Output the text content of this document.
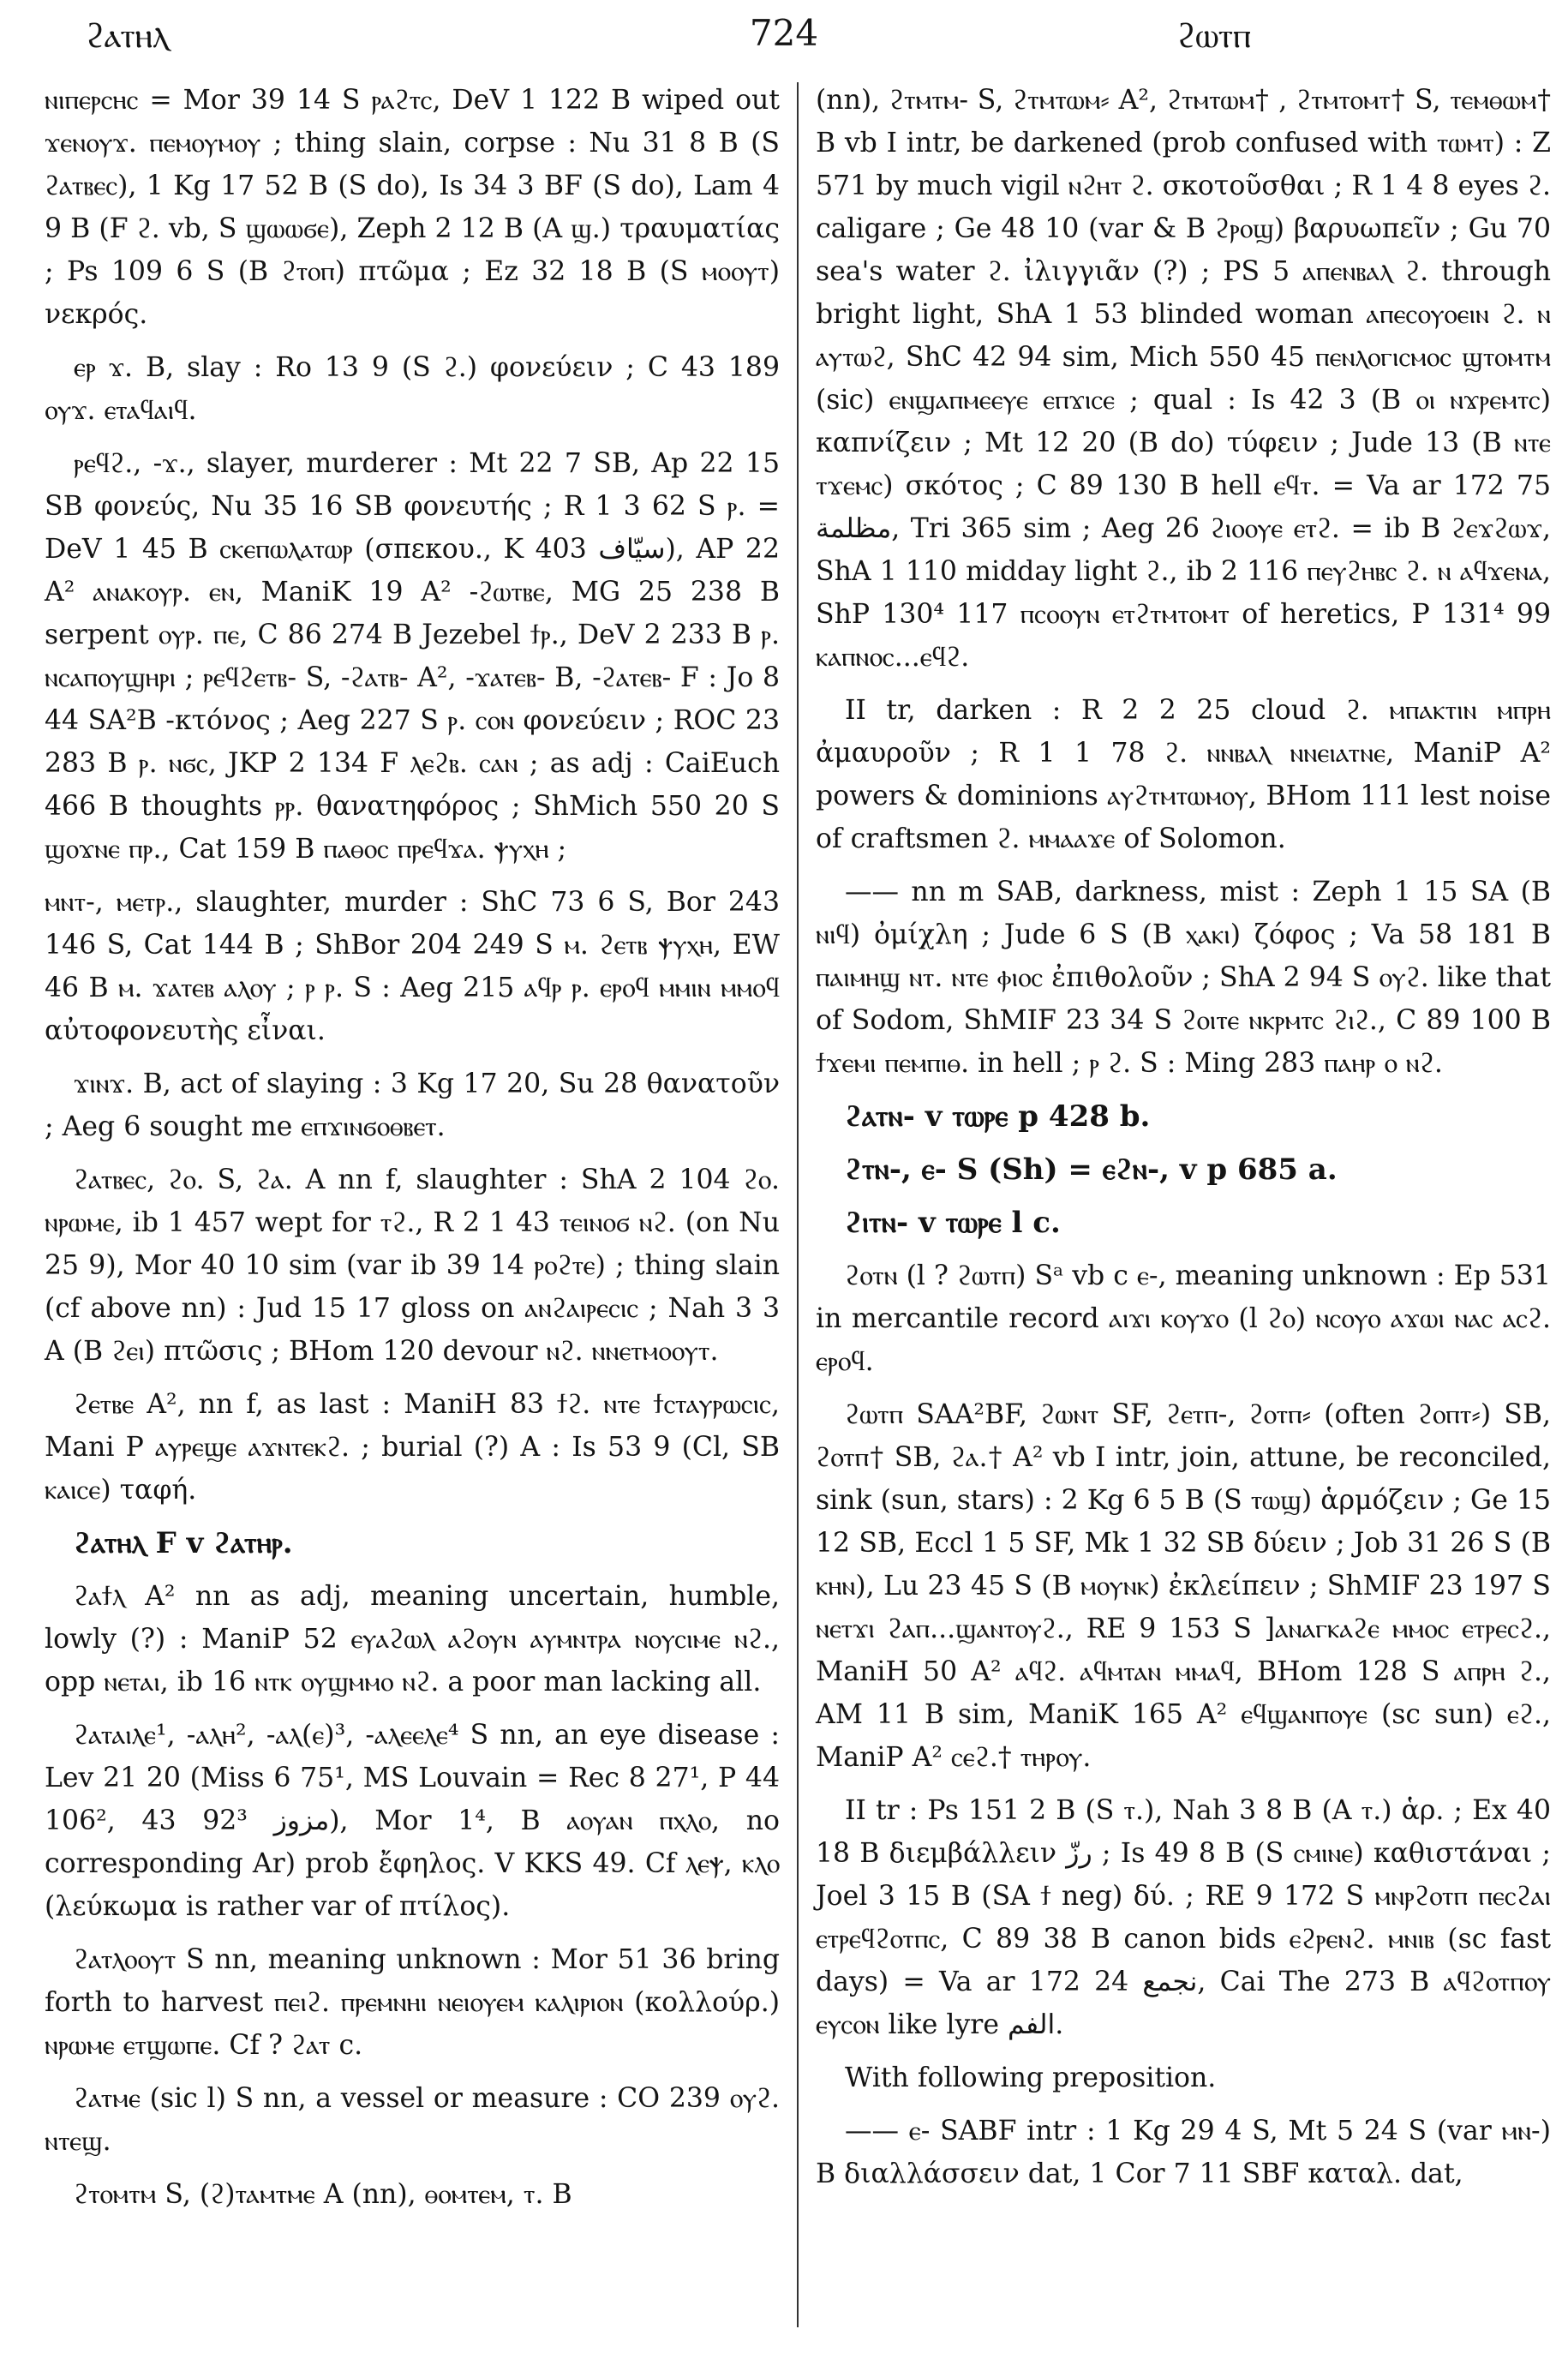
ϩⲁⲧⲏⲗ	724	ϩⲱⲧⲡ

ⲛⲓⲡⲉⲣⲥⲏⲥ = Mor 39 14 S ⲣⲁϩⲧⲥ, DeV 1 122 B wiped out ϫⲉⲛⲟⲩϫ. ⲡⲉⲙⲟⲩⲙⲟⲩ ; thing slain, corpse : Nu 31 8 B (S ϩⲁⲧⲃⲉⲥ), 1 Kg 17 52 B (S do), Is 34 3 BF (S do), Lam 4 9 B (F ϩ. vb, S ϣⲱⲱϭⲉ), Zeph 2 12 B (A ϣ.) τραυματίας ; Ps 109 6 S (B ϩⲧⲟⲡ) πτῶμα ; Ez 32 18 B (S ⲙⲟⲟⲩⲧ) νεκρός.

ⲉⲣ ϫ. B, slay : Ro 13 9 (S ϩ.) φονεύειν ; C 43 189 ⲟⲩϫ. ⲉⲧⲁϥⲁⲓϥ.

ⲣⲉϥϩ., -ϫ., slayer, murderer : Mt 22 7 SB, Ap 22 15 SB φονεύς, Nu 35 16 SB φονευτής ; R 1 3 62 S ⲣ. = DeV 1 45 B ⲥⲕⲉⲡⲱⲗⲁⲧⲱⲣ (σπεκου., K 403 سيّاف), AP 22 A² ⲁⲛⲁⲕⲟⲩⲣ. ⲉⲛ, ManiK 19 A² -ϩⲱⲧⲃⲉ, MG 25 238 B serpent ⲟⲩⲣ. ⲡⲉ, C 86 274 B Jezebel ϯⲣ., DeV 2 233 B ⲣ. ⲛⲥⲁⲡⲟⲩϣⲏⲣⲓ ; ⲣⲉϥϩⲉⲧⲃ- S, -ϩⲁⲧⲃ- A², -ϫⲁⲧⲉⲃ- B, -ϩⲁⲧⲉⲃ- F : Jo 8 44 SA²B -κτόνος ; Aeg 227 S ⲣ. ⲥⲟⲛ φονεύειν ; ROC 23 283 B ⲣ. ⲛϭⲥ, JKP 2 134 F ⲗⲉϩⲃ. ⲥⲁⲛ ; as adj : CaiEuch 466 B thoughts ⲣⲣ. θανατηφόρος ; ShMich 550 20 S ϣⲟϫⲛⲉ ⲡⲣ., Cat 159 B ⲡⲁⲑⲟⲥ ⲡⲣⲉϥϫⲁ. ⲯⲩⲭⲏ ;

ⲙⲛⲧ-, ⲙⲉⲧⲣ., slaughter, murder : ShC 73 6 S, Bor 243 146 S, Cat 144 B ; ShBor 204 249 S ⲙ. ϩⲉⲧⲃ ⲯⲩⲭⲏ, EW 46 B ⲙ. ϫⲁⲧⲉⲃ ⲁⲗⲟⲩ ; ⲣ ⲣ. S : Aeg 215 ⲁϥⲣ ⲣ. ⲉⲣⲟϥ ⲙⲙⲓⲛ ⲙⲙⲟϥ αὐτοφονευτὴς εἶναι.

ϫⲓⲛϫ. B, act of slaying : 3 Kg 17 20, Su 28 θανατοῦν ; Aeg 6 sought me ⲉⲡϫⲓⲛϭⲟⲑⲃⲉⲧ.

ϩⲁⲧⲃⲉⲥ, ϩⲟ. S, ϩⲁ. A nn f, slaughter : ShA 2 104 ϩⲟ. ⲛⲣⲱⲙⲉ, ib 1 457 wept for ⲧϩ., R 2 1 43 ⲧⲉⲓⲛⲟϭ ⲛϩ. (on Nu 25 9), Mor 40 10 sim (var ib 39 14 ⲣⲟϩⲧⲉ) ; thing slain (cf above nn) : Jud 15 17 gloss on ⲁⲛϩⲁⲓⲣⲉⲥⲓⲥ ; Nah 3 3 A (B ϩⲉⲓ) πτῶσις ; BHom 120 devour ⲛϩ. ⲛⲛⲉⲧⲙⲟⲟⲩⲧ.

ϩⲉⲧⲃⲉ A², nn f, as last : ManiH 83 ϯϩ. ⲛⲧⲉ ϯⲥⲧⲁⲩⲣⲱⲥⲓⲥ, Mani P ⲁⲩⲣⲉϣⲉ ⲁϫⲛⲧⲉⲕϩ. ; burial (?) A : Is 53 9 (Cl, SB ⲕⲁⲓⲥⲉ) ταφή.

ϩⲁⲧⲏⲗ F v ϩⲁⲧⲏⲣ.

ϩⲁϯⲗ A² nn as adj, meaning uncertain, humble, lowly (?) : ManiP 52 ⲉⲩⲁϩⲱⲗ ⲁϩⲟⲩⲛ ⲁⲩⲙⲛⲧⲣⲁ ⲛⲟⲩⲥⲓⲙⲉ ⲛϩ., opp ⲛⲉⲧⲁⲓ, ib 16 ⲛⲧⲕ ⲟⲩϣⲙⲙⲟ ⲛϩ. a poor man lacking all.

ϩⲁⲧⲁⲓⲗⲉ¹, -ⲁⲗⲏ², -ⲁⲗ(ⲉ)³, -ⲁⲗⲉⲉⲗⲉ⁴ S nn, an eye disease : Lev 21 20 (Miss 6 75¹, MS Louvain = Rec 8 27¹, P 44 106², 43 92³ مزوز), Mor 1⁴, B ⲁⲟⲩⲁⲛ ⲡⲭⲗⲟ, no corresponding Ar) prob ἔφηλος. V KKS 49. Cf ⲗⲉⲯ, ⲕⲗⲟ (λεύκωμα is rather var of πτίλος).

ϩⲁⲧⲗⲟⲟⲩⲧ S nn, meaning unknown : Mor 51 36 bring forth to harvest ⲡⲉⲓϩ. ⲡⲣⲉⲙⲛⲏⲓ ⲛⲉⲓⲟⲩⲉⲙ ⲕⲁⲗⲓⲣⲓⲟⲛ (κολλούρ.) ⲛⲣⲱⲙⲉ ⲉⲧϣⲱⲡⲉ. Cf ? ϩⲁⲧ c.

ϩⲁⲧⲙⲉ (sic l) S nn, a vessel or measure : CO 239 ⲟⲩϩ. ⲛⲧⲉϣ.

ϩⲧⲟⲙⲧⲙ S, (ϩ)ⲧⲁⲙⲧⲙⲉ A (nn), ⲑⲟⲙⲧⲉⲙ, ⲧ. B

(nn), ϩⲧⲙⲧⲙ- S, ϩⲧⲙⲧⲱⲙ⸗ A², ϩⲧⲙⲧⲱⲙ† , ϩⲧⲙⲧⲟⲙⲧ† S, ⲧⲉⲙⲑⲱⲙ† B vb I intr, be darkened (prob confused with ⲧⲱⲙⲧ) : Z 571 by much vigil ⲛϩⲏⲧ ϩ. σκοτοῦσθαι ; R 1 4 8 eyes ϩ. caligare ; Ge 48 10 (var & B ϩⲣⲟϣ) βαρυωπεῖν ; Gu 70 sea's water ϩ. ἰλιγγιᾶν (?) ; PS 5 ⲁⲡⲉⲛⲃⲁⲗ ϩ. through bright light, ShA 1 53 blinded woman ⲁⲡⲉⲥⲟⲩⲟⲉⲓⲛ ϩ. ⲛ ⲁⲩⲧⲱϩ, ShC 42 94 sim, Mich 550 45 ⲡⲉⲛⲗⲟⲅⲓⲥⲙⲟⲥ ϣⲧⲟⲙⲧⲙ (sic) ⲉⲛϣⲁⲡⲙⲉⲉⲩⲉ ⲉⲡϫⲓⲥⲉ ; qual : Is 42 3 (B ⲟⲓ ⲛϫⲣⲉⲙⲧⲥ) καπνίζειν ; Mt 12 20 (B do) τύφειν ; Jude 13 (B ⲛⲧⲉ ⲧϫⲉⲙⲥ) σκότος ; C 89 130 B hell ⲉϥⲧ. = Va ar 172 75 مظلمة, Tri 365 sim ; Aeg 26 ϩⲓⲟⲟⲩⲉ ⲉⲧϩ. = ib B ϩⲉϫϩⲱϫ, ShA 1 110 midday light ϩ., ib 2 116 ⲡⲉⲩϩⲏⲃⲥ ϩ. ⲛ ⲁϥϫⲉⲛⲁ, ShP 130⁴ 117 ⲡⲥⲟⲟⲩⲛ ⲉⲧϩⲧⲙⲧⲟⲙⲧ of heretics, P 131⁴ 99 ⲕⲁⲡⲛⲟⲥ...ⲉϥϩ.

II tr, darken : R 2 2 25 cloud ϩ. ⲙⲡⲁⲕⲧⲓⲛ ⲙⲡⲣⲏ ἀμαυροῦν ; R 1 1 78 ϩ. ⲛⲛⲃⲁⲗ ⲛⲛⲉⲓⲁⲧⲛⲉ, ManiP A² powers & dominions ⲁⲩϩⲧⲙⲧⲱⲙⲟⲩ, BHom 111 lest noise of craftsmen ϩ. ⲙⲙⲁⲁϫⲉ of Solomon.

—— nn m SAB, darkness, mist : Zeph 1 15 SA (B ⲛⲓϥ) ὀμίχλη ; Jude 6 S (B ⲭⲁⲕⲓ) ζόφος ; Va 58 181 B ⲡⲁⲓⲙⲏϣ ⲛⲧ. ⲛⲧⲉ ⲫⲓⲟⲥ ἐπιθολοῦν ; ShA 2 94 S ⲟⲩϩ. like that of Sodom, ShMIF 23 34 S ϩⲟⲓⲧⲉ ⲛⲕⲣⲙⲧⲥ ϩⲓϩ., C 89 100 B ϯϫⲉⲙⲓ ⲡⲉⲙⲡⲓⲑ. in hell ; ⲣ ϩ. S : Ming 283 ⲡⲁⲏⲣ ⲟ ⲛϩ.

ϩⲁⲧⲛ- v ⲧⲱⲣⲉ p 428 b.

ϩⲧⲛ-, ⲉ- S (Sh) = ⲉϩⲛ-, v p 685 a.

ϩⲓⲧⲛ- v ⲧⲱⲣⲉ l c.

ϩⲟⲧⲛ (l ? ϩⲱⲧⲡ) Sᵃ vb c ⲉ-, meaning unknown : Ep 531 in mercantile record ⲁⲓϫⲓ ⲕⲟⲩϫⲟ (l ϩⲟ) ⲛⲥⲟⲩⲟ ⲁϫⲱⲓ ⲛⲁⲥ ⲁⲥϩ. ⲉⲣⲟϥ.

ϩⲱⲧⲡ SAA²BF, ϩⲱⲛⲧ SF, ϩⲉⲧⲡ-, ϩⲟⲧⲡ⸗ (often ϩⲟⲡⲧ⸗) SB, ϩⲟⲧⲡ† SB, ϩⲁ.† A² vb I intr, join, attune, be reconciled, sink (sun, stars) : 2 Kg 6 5 B (S ⲧⲱϣ) ἁρμόζειν ; Ge 15 12 SB, Eccl 1 5 SF, Mk 1 32 SB δύειν ; Job 31 26 S (B ⲕⲏⲛ), Lu 23 45 S (B ⲙⲟⲩⲛⲕ) ἐκλείπειν ; ShMIF 23 197 S ⲛⲉⲧϫⲓ ϩⲁⲡ...ϣⲁⲛⲧⲟⲩϩ., RE 9 153 S ]ⲁⲛⲁⲅⲕⲁϩⲉ ⲙⲙⲟⲥ ⲉⲧⲣⲉⲥϩ., ManiH 50 A² ⲁϥϩ. ⲁϥⲙⲧⲁⲛ ⲙⲙⲁϥ, BHom 128 S ⲁⲡⲣⲏ ϩ., AM 11 B sim, ManiK 165 A² ⲉϥϣⲁⲛⲡⲟⲩⲉ (sc sun) ⲉϩ., ManiP A² ⲥⲉϩ.† ⲧⲏⲣⲟⲩ.

II tr : Ps 151 2 B (S ⲧ.), Nah 3 8 B (A ⲧ.) ἁρ. ; Ex 40 18 B διεμβάλλειν رزّ ; Is 49 8 B (S ⲥⲙⲓⲛⲉ) καθιστάναι ; Joel 3 15 B (SA ϯ neg) δύ. ; RE 9 172 S ⲙⲛⲣϩⲟⲧⲡ ⲡⲉⲥϩⲁⲓ ⲉⲧⲣⲉϥϩⲟⲧⲡⲥ, C 89 38 B canon bids ⲉϩⲣⲉⲛϩ. ⲙⲛⲓⲃ (sc fast days) = Va ar 172 24 نجمع, Cai The 273 B ⲁϥϩⲟⲧⲡⲟⲩ ⲉⲩⲥⲟⲛ like lyre الفم.

With following preposition.

—— ⲉ- SABF intr : 1 Kg 29 4 S, Mt 5 24 S (var ⲙⲛ-) B διαλλάσσειν dat, 1 Cor 7 11 SBF καταλ. dat,
